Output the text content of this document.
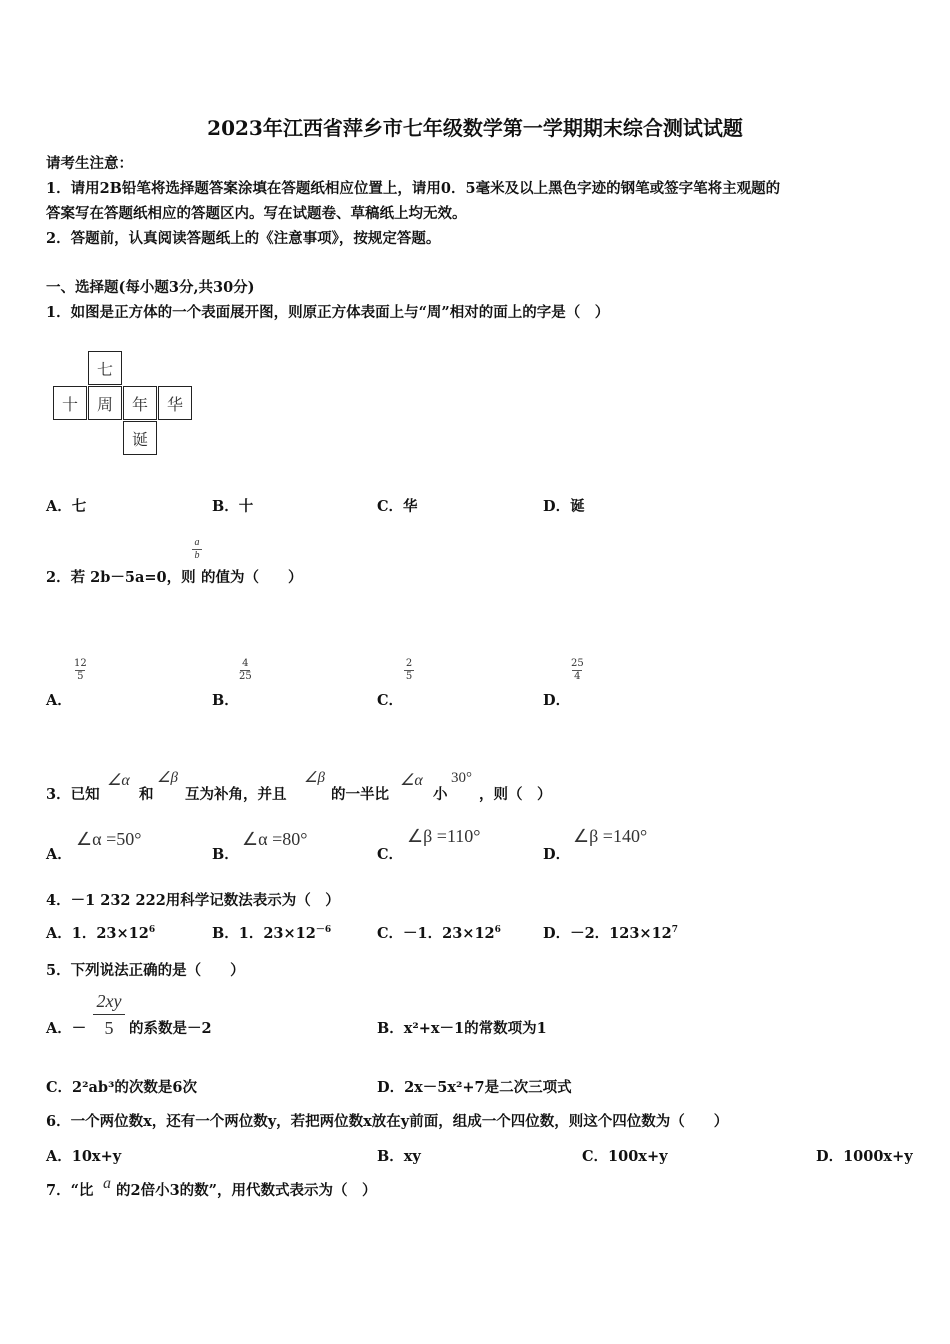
2023年江西省萍乡市七年级数学第一学期期末综合测试试题
请考生注意：
1．请用2B铅笔将选择题答案涂填在答题纸相应位置上，请用0．5毫米及以上黑色字迹的钢笔或签字笔将主观题的
答案写在答题纸相应的答题区内。写在试题卷、草稿纸上均无效。
2．答题前，认真阅读答题纸上的《注意事项》，按规定答题。
一、选择题(每小题3分,共30分)
1．如图是正方体的一个表面展开图，则原正方体表面上与“周”相对的面上的字是（　）
七
十	周	年	华
诞
A．七	B．十	C．华	D．诞
2．若 2b－5a=0，则
a
b
的值为（　　）
A．
12
5
B．
4
25
C．
2
5
D．
25
4
3．已知
∠α
和
∠β
互为补角，并且
∠β
的一半比
∠α
小
30°
，则（　）
A．
∠α =50°
B．
∠α =80°
C．
∠β =110°
D．
∠β =140°
4．－1 232 222用科学记数法表示为（　）
A．1．$23\times 12^6$	B．1．$23\times 12^{-6}$	C．－1．$23\times 12^6$	D．－2．$123\times 12^7$
5．下列说法正确的是（　　）
A．－
2xy
5 的系数是－2	B．x²+x－1的常数项为1
C．2²ab³的次数是6次	D．2x－5x²+7是二次三项式
6．一个两位数x，还有一个两位数y，若把两位数x放在y前面，组成一个四位数，则这个四位数为（　　）
A．10x+y	B．xy	C．100x+y	D．1000x+y
7．“比 a 的2倍小3的数”，用代数式表示为（　）
